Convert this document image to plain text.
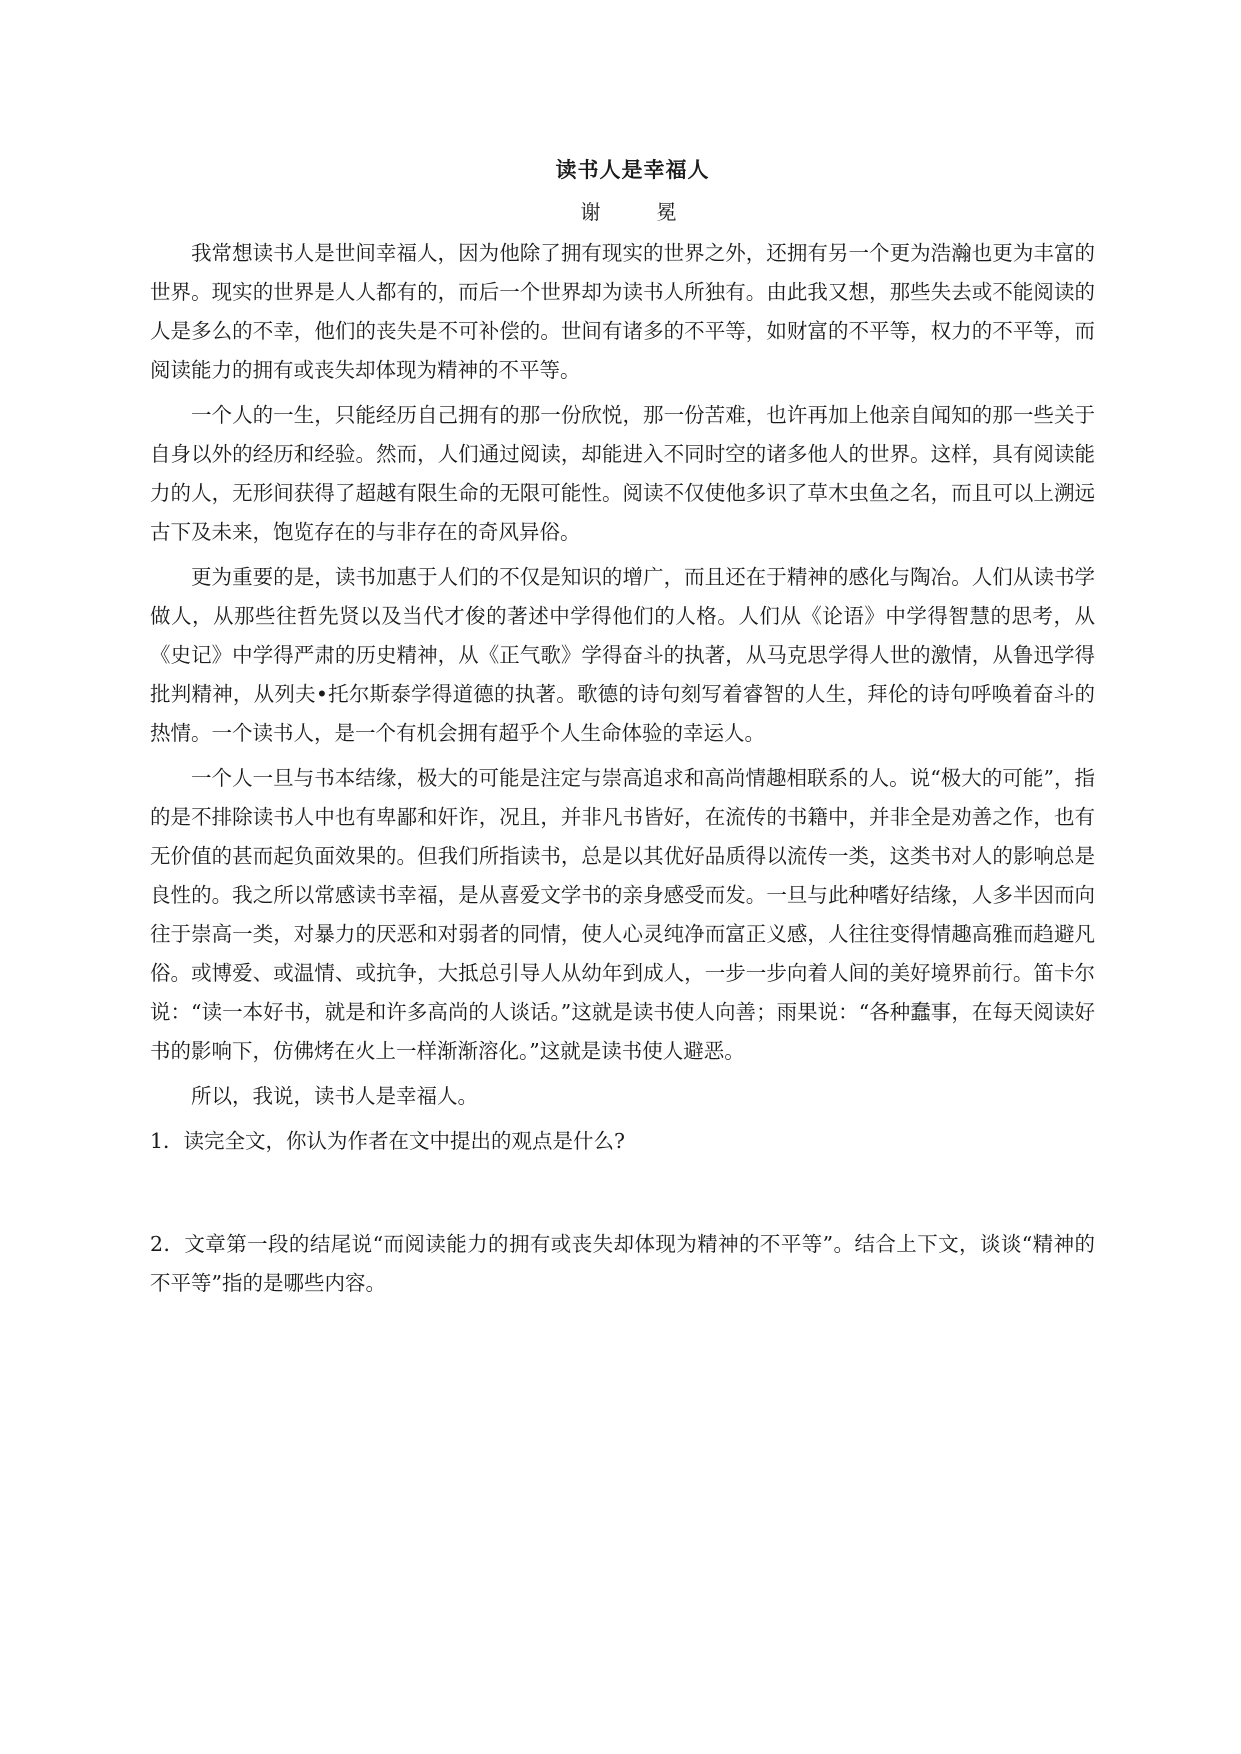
读书人是幸福人
谢　冕

我常想读书人是世间幸福人，因为他除了拥有现实的世界之外，还拥有另一个更为浩瀚也更为丰富的世界。现实的世界是人人都有的，而后一个世界却为读书人所独有。由此我又想，那些失去或不能阅读的人是多么的不幸，他们的丧失是不可补偿的。世间有诸多的不平等，如财富的不平等，权力的不平等，而阅读能力的拥有或丧失却体现为精神的不平等。

一个人的一生，只能经历自己拥有的那一份欣悦，那一份苦难，也许再加上他亲自闻知的那一些关于自身以外的经历和经验。然而，人们通过阅读，却能进入不同时空的诸多他人的世界。这样，具有阅读能力的人，无形间获得了超越有限生命的无限可能性。阅读不仅使他多识了草木虫鱼之名，而且可以上溯远古下及未来，饱览存在的与非存在的奇风异俗。

更为重要的是，读书加惠于人们的不仅是知识的增广，而且还在于精神的感化与陶冶。人们从读书学做人，从那些往哲先贤以及当代才俊的著述中学得他们的人格。人们从《论语》中学得智慧的思考，从《史记》中学得严肃的历史精神，从《正气歌》学得奋斗的执著，从马克思学得人世的激情，从鲁迅学得批判精神，从列夫•托尔斯泰学得道德的执著。歌德的诗句刻写着睿智的人生，拜伦的诗句呼唤着奋斗的热情。一个读书人，是一个有机会拥有超乎个人生命体验的幸运人。

一个人一旦与书本结缘，极大的可能是注定与崇高追求和高尚情趣相联系的人。说“极大的可能”，指的是不排除读书人中也有卑鄙和奸诈，况且，并非凡书皆好，在流传的书籍中，并非全是劝善之作，也有无价值的甚而起负面效果的。但我们所指读书，总是以其优好品质得以流传一类，这类书对人的影响总是良性的。我之所以常感读书幸福，是从喜爱文学书的亲身感受而发。一旦与此种嗜好结缘，人多半因而向往于崇高一类，对暴力的厌恶和对弱者的同情，使人心灵纯净而富正义感，人往往变得情趣高雅而趋避凡俗。或博爱、或温情、或抗争，大抵总引导人从幼年到成人，一步一步向着人间的美好境界前行。笛卡尔说：“读一本好书，就是和许多高尚的人谈话。”这就是读书使人向善；雨果说：“各种蠢事，在每天阅读好书的影响下，仿佛烤在火上一样渐渐溶化。”这就是读书使人避恶。

所以，我说，读书人是幸福人。

1．读完全文，你认为作者在文中提出的观点是什么?

2．文章第一段的结尾说“而阅读能力的拥有或丧失却体现为精神的不平等”。结合上下文，谈谈“精神的不平等”指的是哪些内容。
